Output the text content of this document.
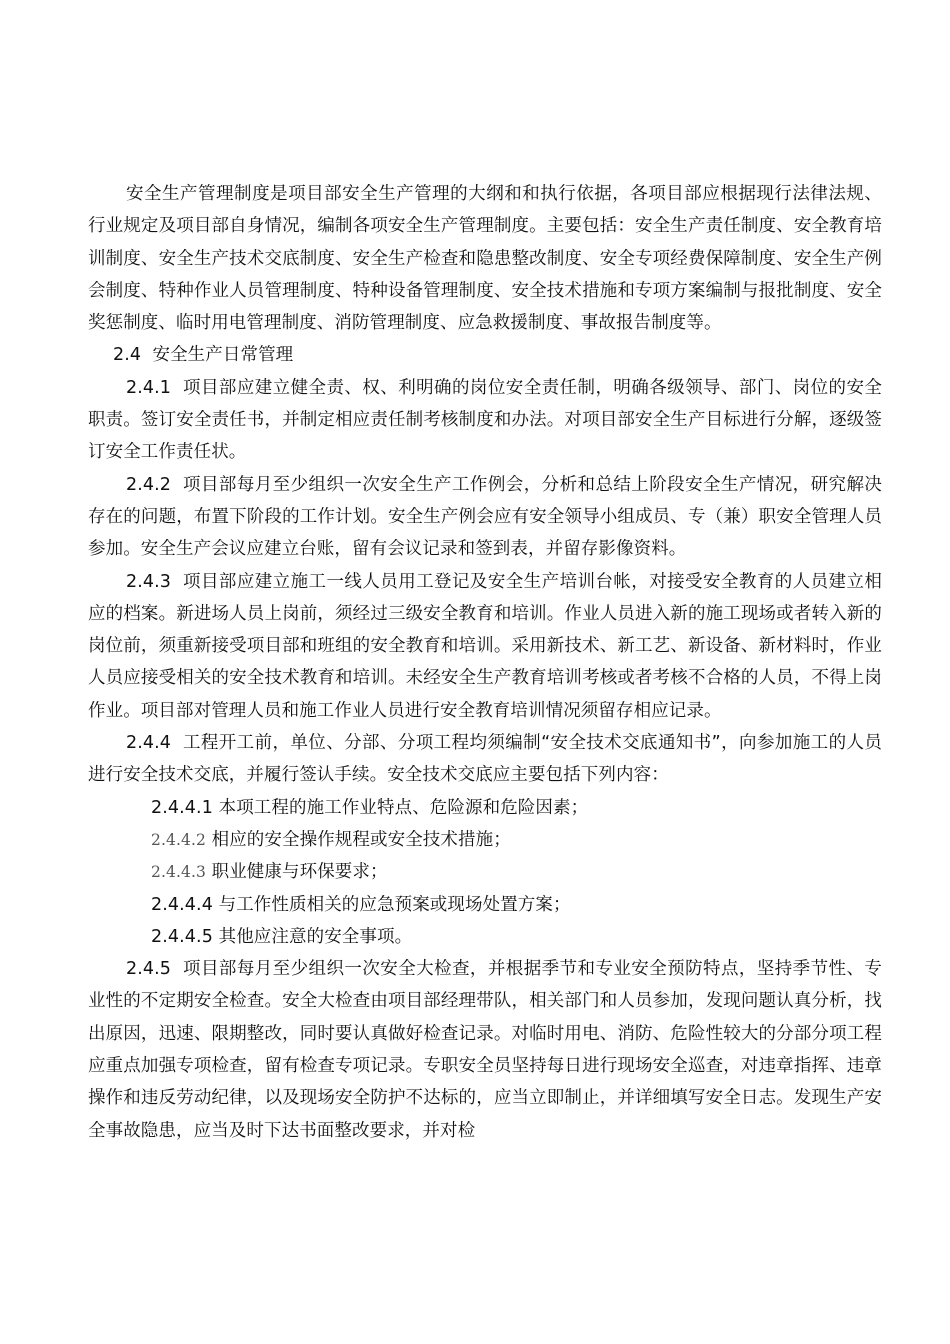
安全生产管理制度是项目部安全生产管理的大纲和和执行依据，各项目部应根据现行法律法规、行业规定及项目部自身情况，编制各项安全生产管理制度。主要包括：安全生产责任制度、安全教育培训制度、安全生产技术交底制度、安全生产检查和隐患整改制度、安全专项经费保障制度、安全生产例会制度、特种作业人员管理制度、特种设备管理制度、安全技术措施和专项方案编制与报批制度、安全奖惩制度、临时用电管理制度、消防管理制度、应急救援制度、事故报告制度等。

2.4 安全生产日常管理

2.4.1 项目部应建立健全责、权、利明确的岗位安全责任制，明确各级领导、部门、岗位的安全职责。签订安全责任书，并制定相应责任制考核制度和办法。对项目部安全生产目标进行分解，逐级签订安全工作责任状。

2.4.2 项目部每月至少组织一次安全生产工作例会，分析和总结上阶段安全生产情况，研究解决存在的问题，布置下阶段的工作计划。安全生产例会应有安全领导小组成员、专（兼）职安全管理人员参加。安全生产会议应建立台账，留有会议记录和签到表，并留存影像资料。

2.4.3 项目部应建立施工一线人员用工登记及安全生产培训台帐，对接受安全教育的人员建立相应的档案。新进场人员上岗前，须经过三级安全教育和培训。作业人员进入新的施工现场或者转入新的岗位前，须重新接受项目部和班组的安全教育和培训。采用新技术、新工艺、新设备、新材料时，作业人员应接受相关的安全技术教育和培训。未经安全生产教育培训考核或者考核不合格的人员，不得上岗作业。项目部对管理人员和施工作业人员进行安全教育培训情况须留存相应记录。

2.4.4 工程开工前，单位、分部、分项工程均须编制“安全技术交底通知书”，向参加施工的人员进行安全技术交底，并履行签认手续。安全技术交底应主要包括下列内容：

2.4.4.1 本项工程的施工作业特点、危险源和危险因素；

2.4.4.2 相应的安全操作规程或安全技术措施；

2.4.4.3 职业健康与环保要求；

2.4.4.4 与工作性质相关的应急预案或现场处置方案；

2.4.4.5 其他应注意的安全事项。

2.4.5 项目部每月至少组织一次安全大检查，并根据季节和专业安全预防特点，坚持季节性、专业性的不定期安全检查。安全大检查由项目部经理带队，相关部门和人员参加，发现问题认真分析，找出原因，迅速、限期整改，同时要认真做好检查记录。对临时用电、消防、危险性较大的分部分项工程应重点加强专项检查，留有检查专项记录。专职安全员坚持每日进行现场安全巡查，对违章指挥、违章操作和违反劳动纪律，以及现场安全防护不达标的，应当立即制止，并详细填写安全日志。发现生产安全事故隐患，应当及时下达书面整改要求，并对检
